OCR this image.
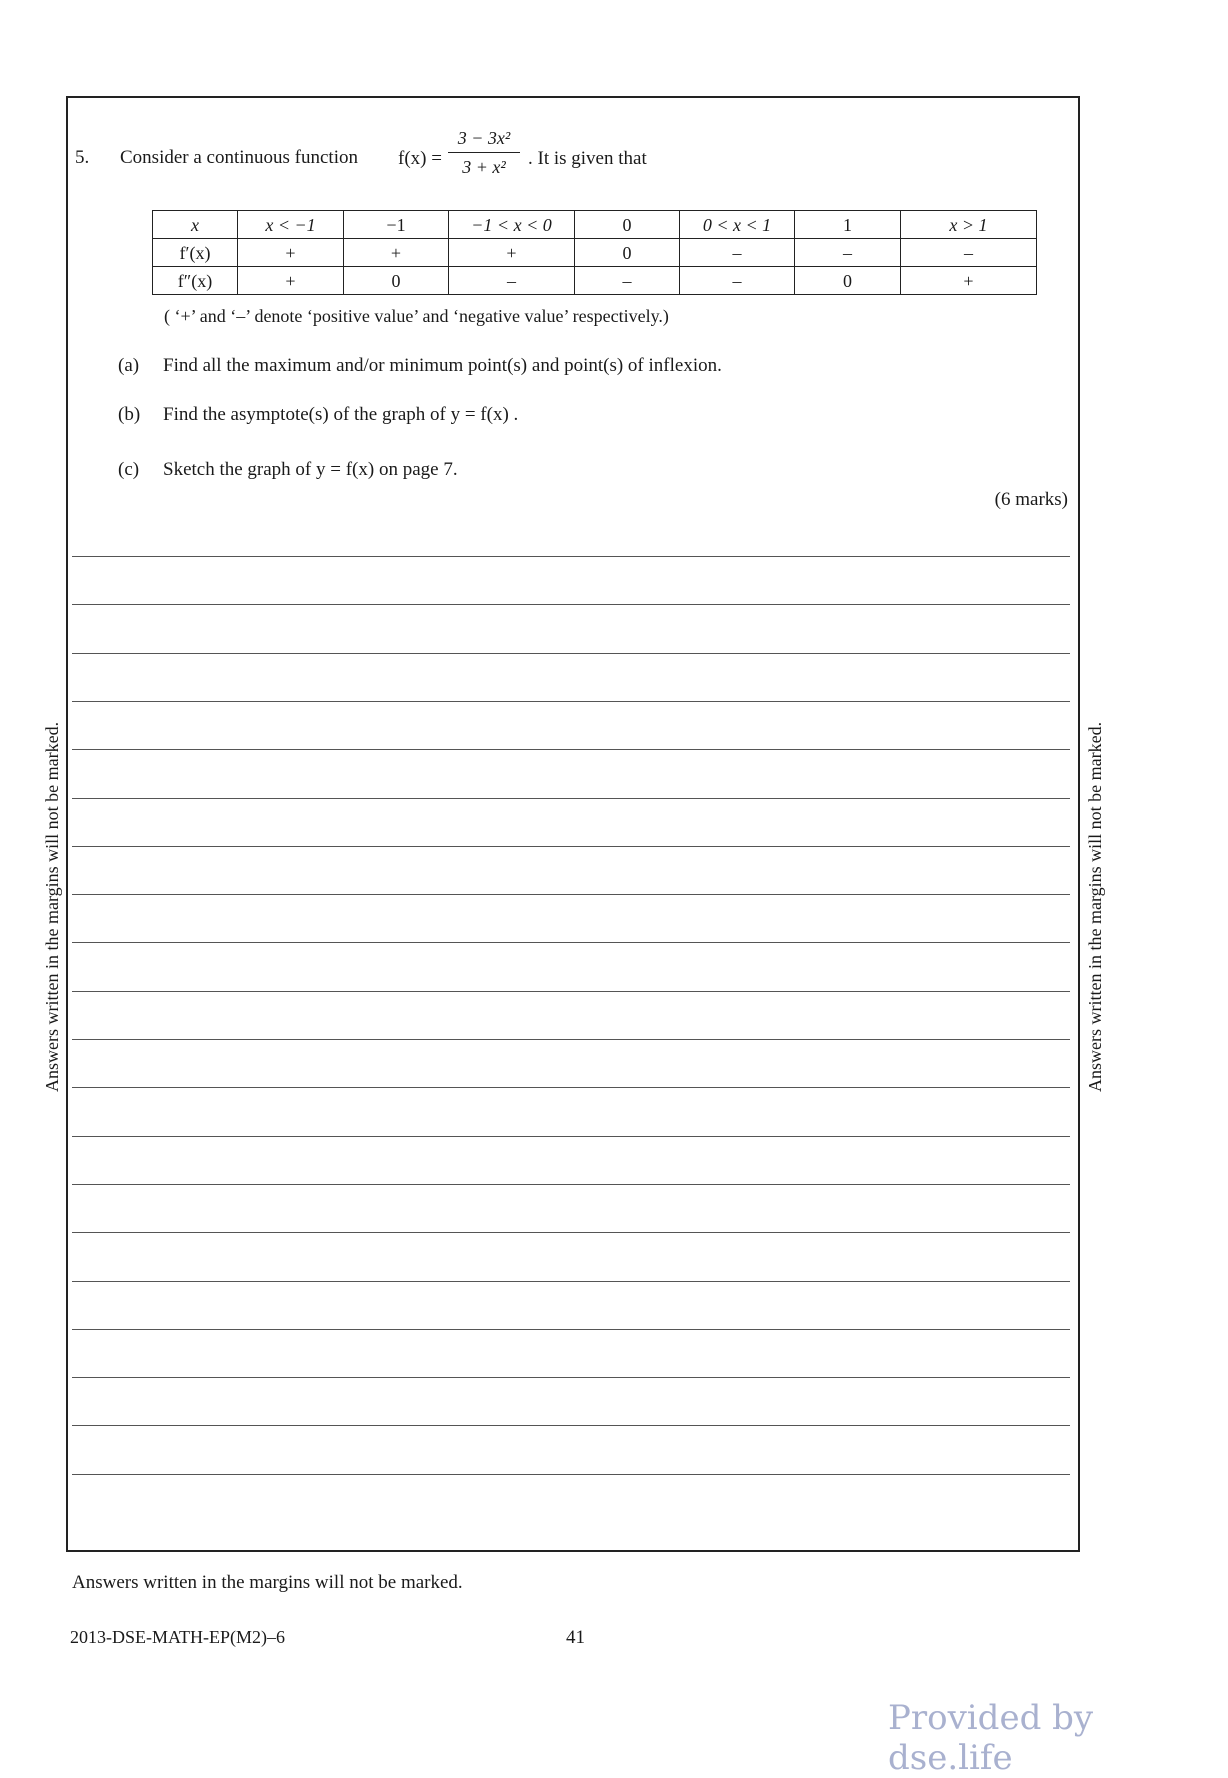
5. Consider a continuous function $f(x) = \frac{\text{3 − 3x²}}{\text{3 + x²}}$ . It is given that
x	x < −1	−1	−1 < x < 0	0	0 < x < 1	1	x > 1
f′(x)	+	+	+	0	–	–	–
f″(x)	+	0	–	–	–	0	+
( ‘+’ and ‘–’ denote ‘positive value’ and ‘negative value’ respectively.)
(a) Find all the maximum and/or minimum point(s) and point(s) of inflexion.
(b) Find the asymptote(s) of the graph of y = f(x) .
(c) Sketch the graph of y = f(x) on page 7.
(6 marks)
Answers written in the margins will not be marked.	Answers written in the margins will not be marked.
Answers written in the margins will not be marked.
2013-DSE-MATH-EP(M2)–6	41
Provided by dse.life
